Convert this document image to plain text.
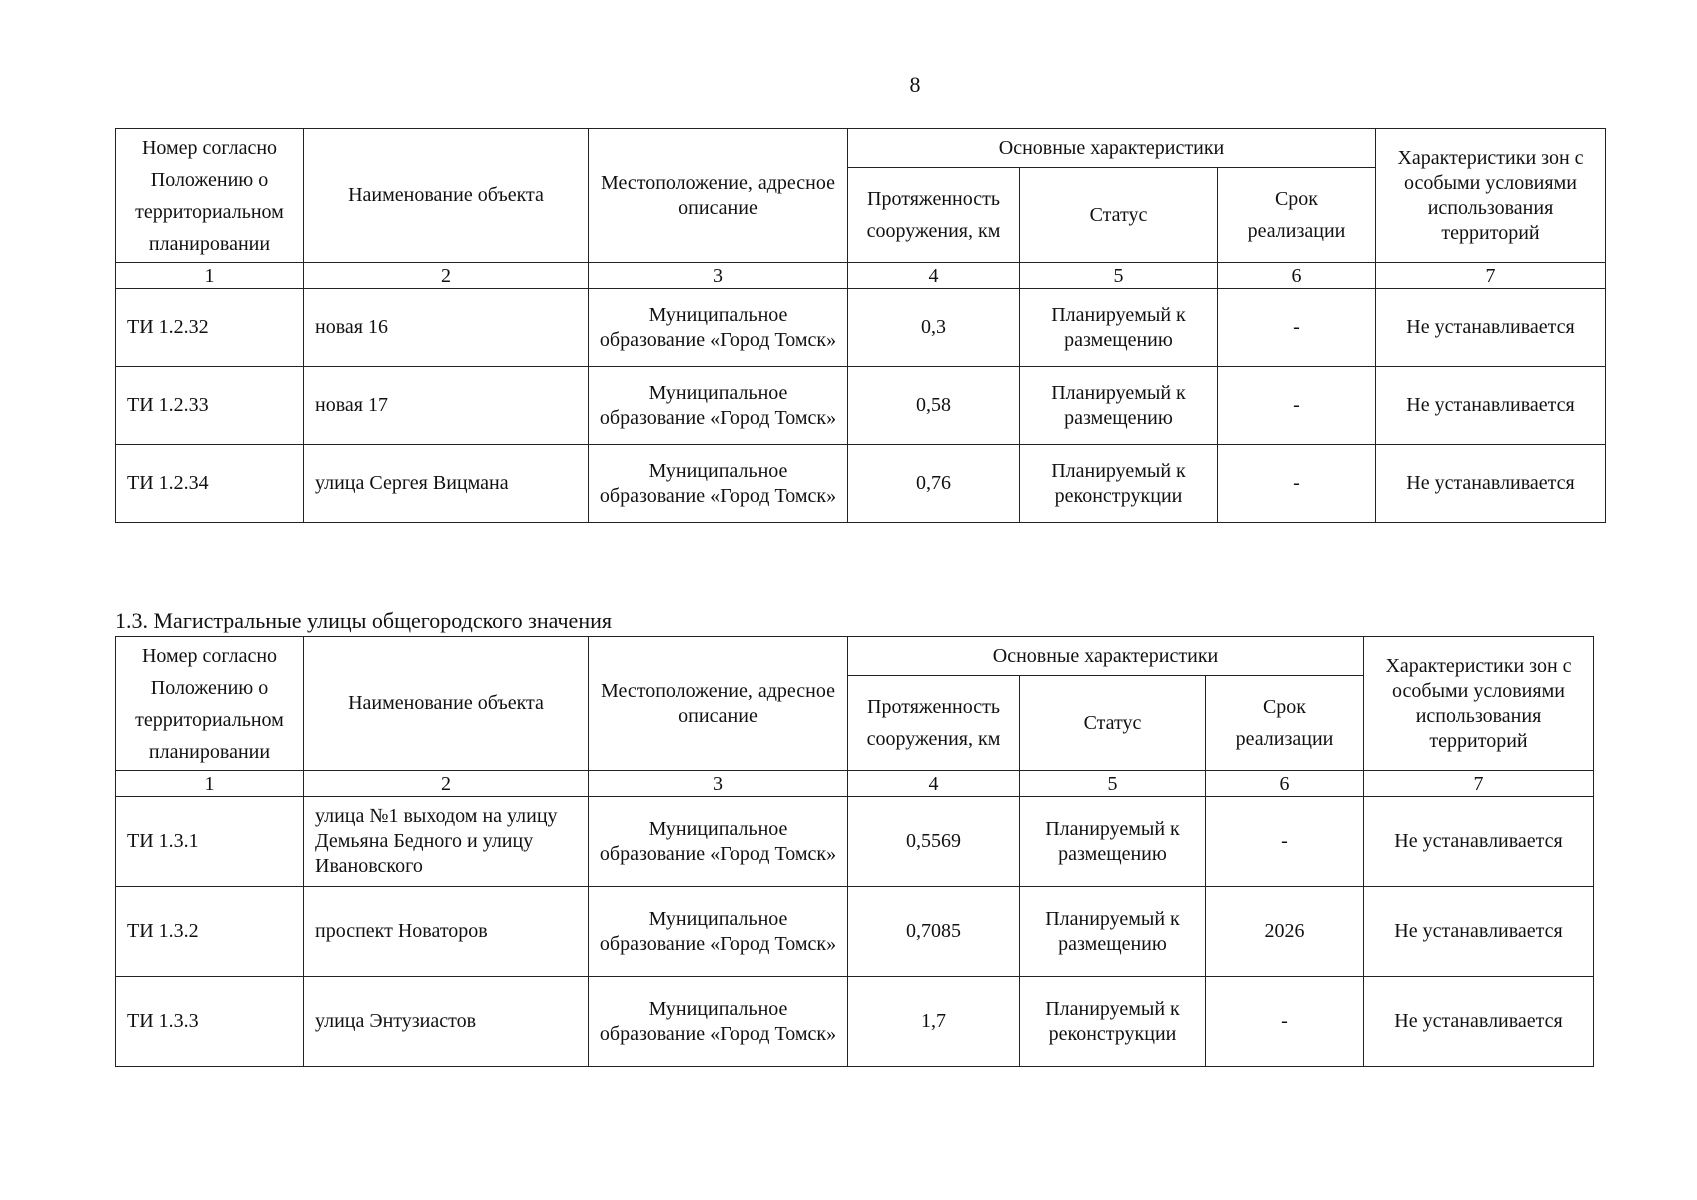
8
Номер согласно Положению о территориальном планировании	Наименование объекта	Местоположение, адресное описание	Основные характеристики			Характеристики зон с особыми условиями использования территорий
			Протяженность сооружения, км	Статус	Срок реализации	
1	2	3	4	5	6	7
ТИ 1.2.32	новая 16	Муниципальное образование «Город Томск»	0,3	Планируемый к размещению	-	Не устанавливается
ТИ 1.2.33	новая 17	Муниципальное образование «Город Томск»	0,58	Планируемый к размещению	-	Не устанавливается
ТИ 1.2.34	улица Сергея Вицмана	Муниципальное образование «Город Томск»	0,76	Планируемый к реконструкции	-	Не устанавливается
1.3. Магистральные улицы общегородского значения
Номер согласно Положению о территориальном планировании	Наименование объекта	Местоположение, адресное описание	Основные характеристики			Характеристики зон с особыми условиями использования территорий
			Протяженность сооружения, км	Статус	Срок реализации	
1	2	3	4	5	6	7
ТИ 1.3.1	улица №1 выходом на улицу Демьяна Бедного и улицу Ивановского	Муниципальное образование «Город Томск»	0,5569	Планируемый к размещению	-	Не устанавливается
ТИ 1.3.2	проспект Новаторов	Муниципальное образование «Город Томск»	0,7085	Планируемый к размещению	2026	Не устанавливается
ТИ 1.3.3	улица Энтузиастов	Муниципальное образование «Город Томск»	1,7	Планируемый к реконструкции	-	Не устанавливается
